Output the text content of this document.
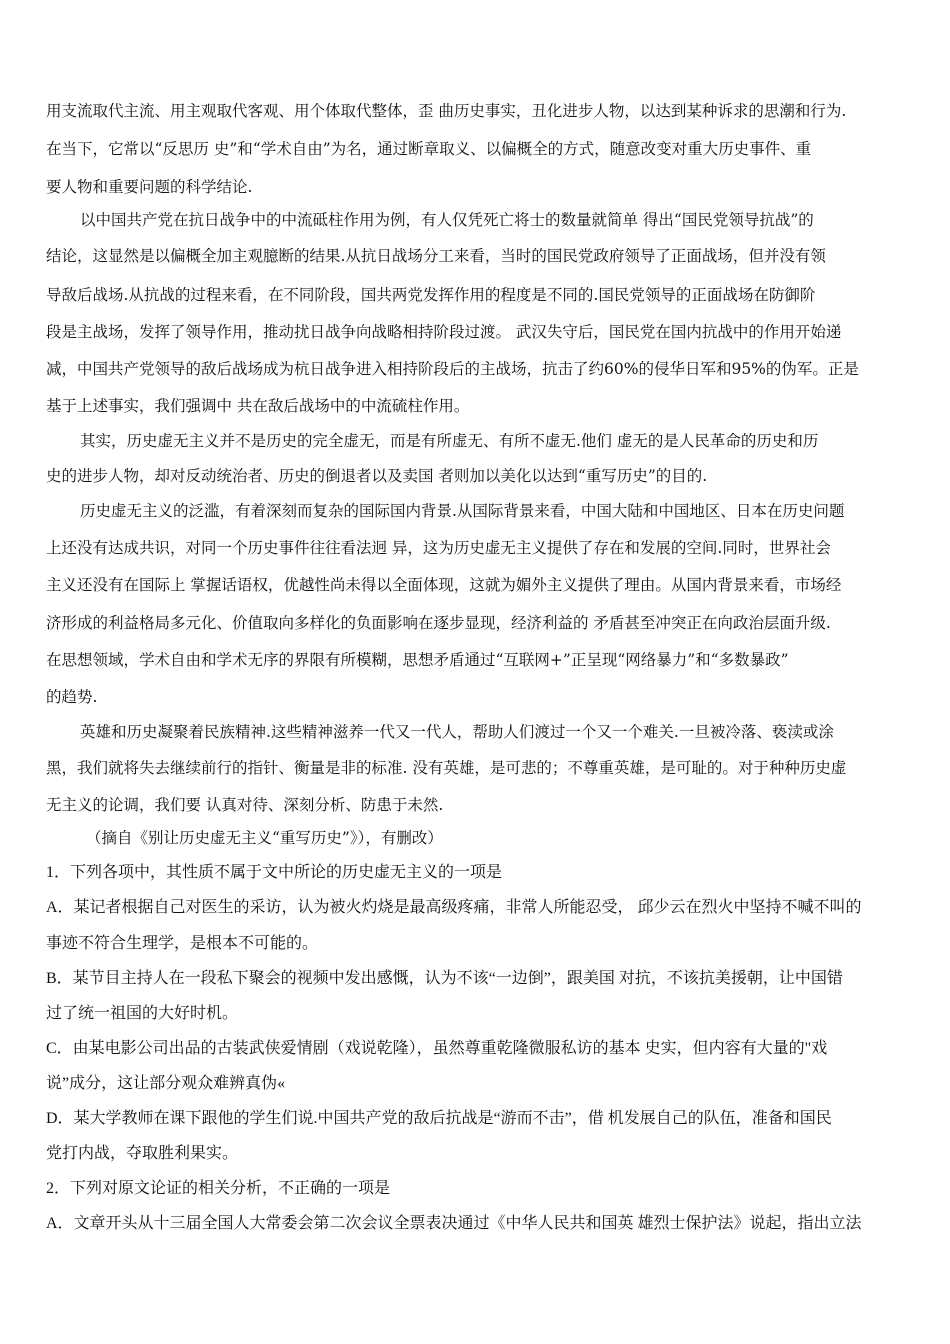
用支流取代主流、用主观取代客观、用个体取代整体，歪 曲历史事实，丑化进步人物，以达到某种诉求的思潮和行为.
在当下，它常以“反思历 史”和“学术自由”为名，通过断章取义、以偏概全的方式，随意改变对重大历史事件、重
要人物和重要问题的科学结论.
以中国共产党在抗日战争中的中流砥柱作用为例，有人仅凭死亡将士的数量就简单 得出“国民党领导抗战”的
结论，这显然是以偏概全加主观臆断的结果.从抗日战场分工来看，当时的国民党政府领导了正面战场，但并没有领
导敌后战场.从抗战的过程来看，在不同阶段，国共两党发挥作用的程度是不同的.国民党领导的正面战场在防御阶
段是主战场，发挥了领导作用，推动扰日战争向战略相持阶段过渡。 武汉失守后，国民党在国内抗战中的作用开始递
减，中国共产党领导的敌后战场成为杭日战争进入相持阶段后的主战场，抗击了约60%的侵华日军和95%的伪军。正是
基于上述事实，我们强调中 共在敌后战场中的中流硫柱作用。
其实，历史虚无主义并不是历史的完全虚无，而是有所虚无、有所不虚无.他们 虚无的是人民革命的历史和历
史的进步人物，却对反动统治者、历史的倒退者以及卖国 者则加以美化以达到“重写历史”的目的.
历史虚无主义的泛滥，有着深刻而复杂的国际国内背景.从国际背景来看，中国大陆和中国地区、日本在历史问题
上还没有达成共识，对同一个历史事件往往看法迥 异，这为历史虚无主义提供了存在和发展的空间.同时，世界社会
主义还没有在国际上 掌握话语权，优越性尚未得以全面体现，这就为媚外主义提供了理由。从国内背景来看，市场经
济形成的利益格局多元化、价值取向多样化的负面影响在逐步显现，经济利益的 矛盾甚至冲突正在向政治层面升级.
在思想领域，学术自由和学术无序的界限有所模糊，思想矛盾通过“互联网+”正呈现“网络暴力”和“多数暴政”
的趋势.
英雄和历史凝聚着民族精神.这些精神滋养一代又一代人，帮助人们渡过一个又一个难关.一旦被冷落、亵渎或涂
黑，我们就将失去继续前行的指针、衡量是非的标准. 没有英雄，是可悲的；不尊重英雄，是可耻的。对于种种历史虚
无主义的论调，我们要 认真对待、深刻分析、防患于未然.
（摘自《别让历史虚无主义“重写历史”》），有删改）
1．下列各项中，其性质不属于文中所论的历史虚无主义的一项是
A．某记者根据自己对医生的采访，认为被火灼烧是最高级疼痛，非常人所能忍受， 邱少云在烈火中坚持不喊不叫的
事迹不符合生理学，是根本不可能的。
B．某节目主持人在一段私下聚会的视频中发出感慨，认为不该“一边倒”，跟美国 对抗，不该抗美援朝，让中国错
过了统一祖国的大好时机。
C．由某电影公司出品的古装武侠爱情剧（戏说乾隆），虽然尊重乾隆微服私访的基本 史实，但内容有大量的"戏
说”成分，这让部分观众难辨真伪«
D．某大学教师在课下跟他的学生们说.中国共产党的敌后抗战是“游而不击”，借 机发展自己的队伍，准备和国民
党打内战，夺取胜利果实。
2．下列对原文论证的相关分析，不正确的一项是
A．文章开头从十三届全国人大常委会第二次会议全票表决通过《中华人民共和国英 雄烈士保护法》说起，指出立法
